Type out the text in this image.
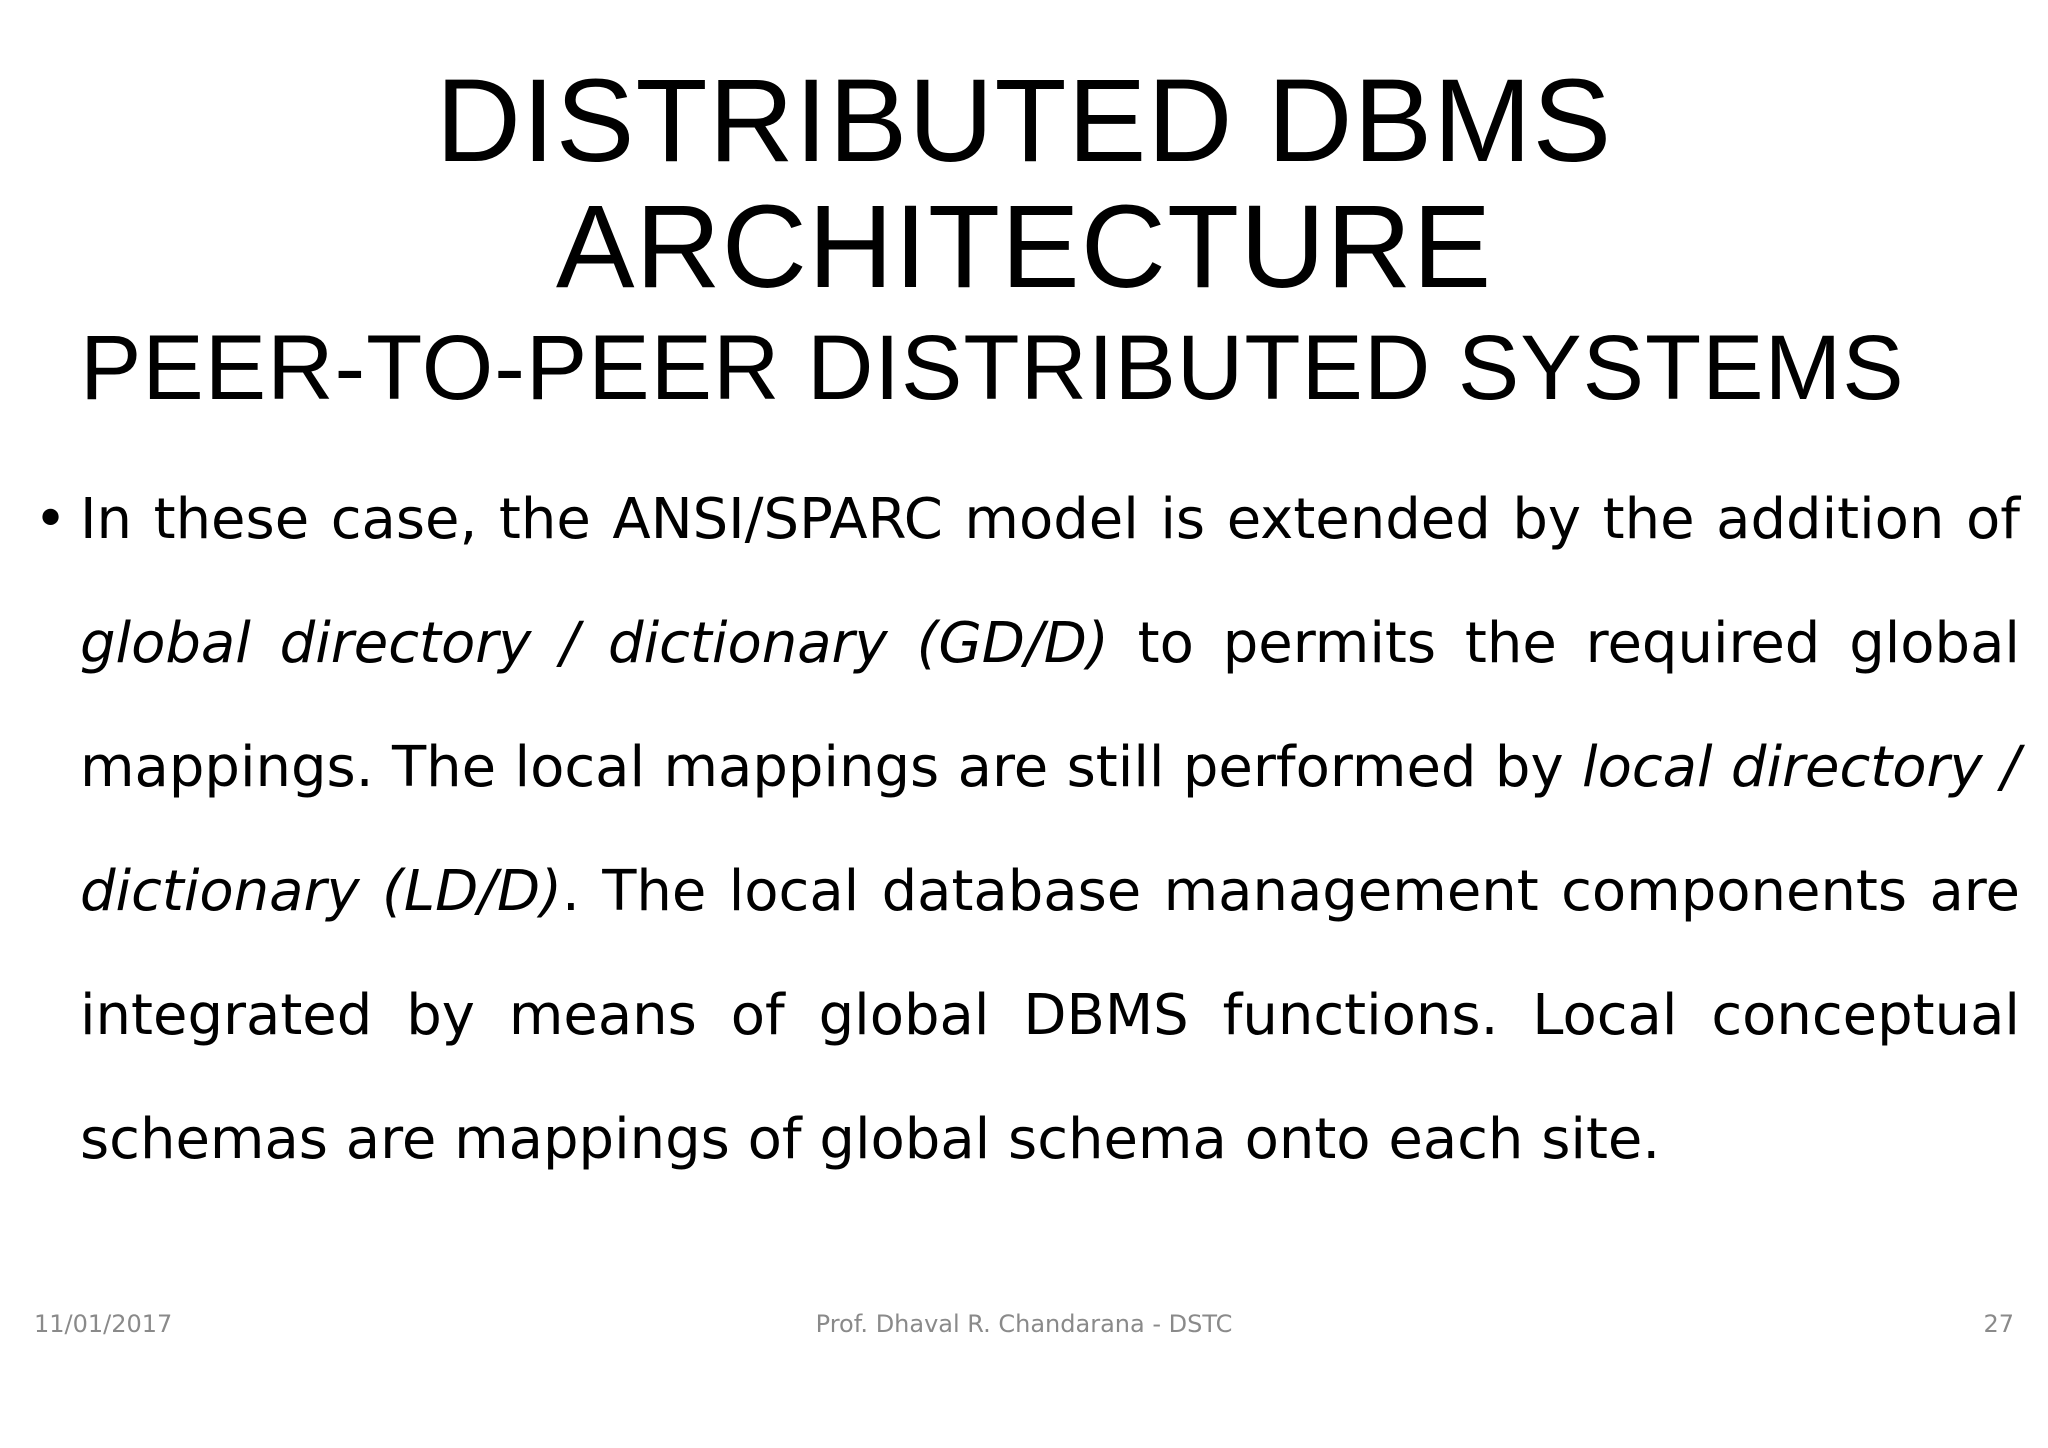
DISTRIBUTED DBMS
ARCHITECTURE
PEER-TO-PEER DISTRIBUTED SYSTEMS
• In these case, the ANSI/SPARC model is extended by the addition of global directory / dictionary (GD/D) to permits the required global mappings. The local mappings are still performed by local directory / dictionary (LD/D). The local database management components are integrated by means of global DBMS functions. Local conceptual schemas are mappings of global schema onto each site.

11/01/2017	Prof. Dhaval R. Chandarana - DSTC	27
